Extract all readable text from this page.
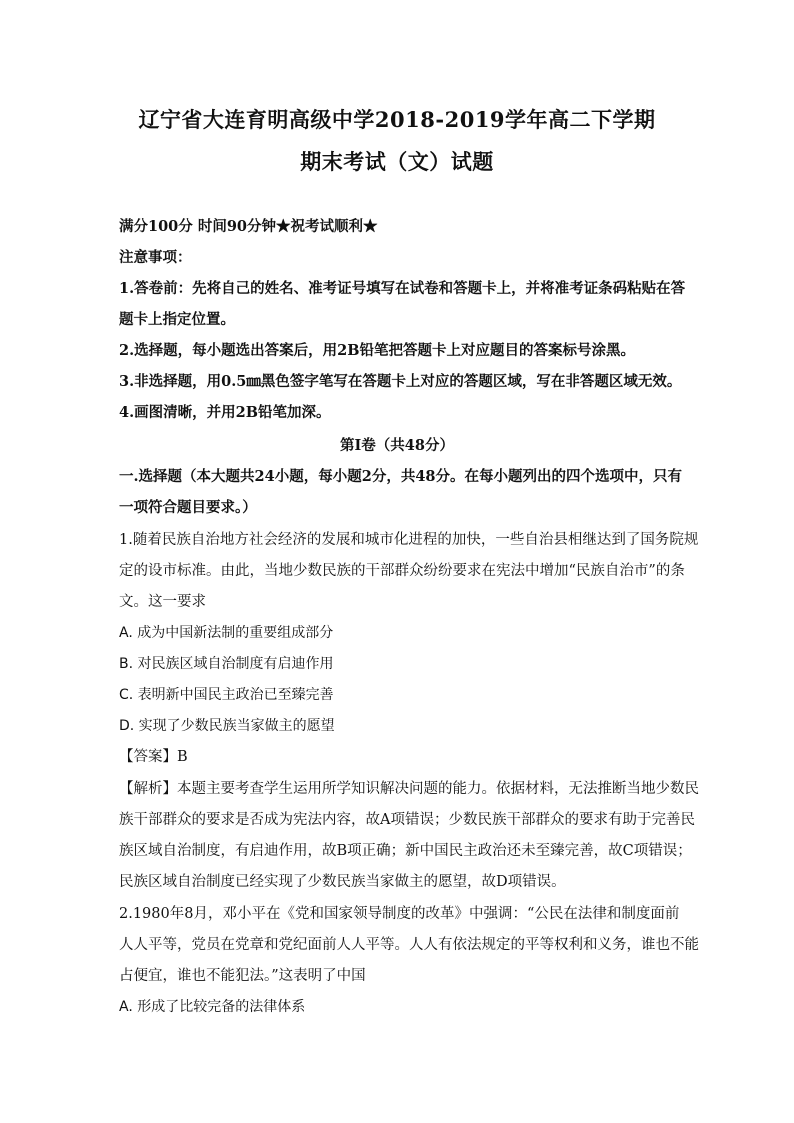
辽宁省大连育明高级中学2018-2019学年高二下学期
期末考试（文）试题
满分100分 时间90分钟★祝考试顺利★
注意事项：
1.答卷前：先将自己的姓名、准考证号填写在试卷和答题卡上，并将准考证条码粘贴在答
题卡上指定位置。
2.选择题，每小题选出答案后，用2B铅笔把答题卡上对应题目的答案标号涂黑。
3.非选择题，用0.5㎜黑色签字笔写在答题卡上对应的答题区域，写在非答题区域无效。
4.画图清晰，并用2B铅笔加深。
第I卷（共48分）
一.选择题（本大题共24小题，每小题2分，共48分。在每小题列出的四个选项中，只有
一项符合题目要求。）
1.随着民族自治地方社会经济的发展和城市化进程的加快，一些自治县相继达到了国务院规
定的设市标准。由此，当地少数民族的干部群众纷纷要求在宪法中增加“民族自治市”的条
文。这一要求
A. 成为中国新法制的重要组成部分
B. 对民族区域自治制度有启迪作用
C. 表明新中国民主政治已至臻完善
D. 实现了少数民族当家做主的愿望
【答案】B
【解析】本题主要考查学生运用所学知识解决问题的能力。依据材料，无法推断当地少数民
族干部群众的要求是否成为宪法内容，故A项错误；少数民族干部群众的要求有助于完善民
族区域自治制度，有启迪作用，故B项正确；新中国民主政治还未至臻完善，故C项错误；
民族区域自治制度已经实现了少数民族当家做主的愿望，故D项错误。
2.1980年8月，邓小平在《党和国家领导制度的改革》中强调：“公民在法律和制度面前
人人平等，党员在党章和党纪面前人人平等。人人有依法规定的平等权利和义务，谁也不能
占便宜，谁也不能犯法。”这表明了中国
A. 形成了比较完备的法律体系
